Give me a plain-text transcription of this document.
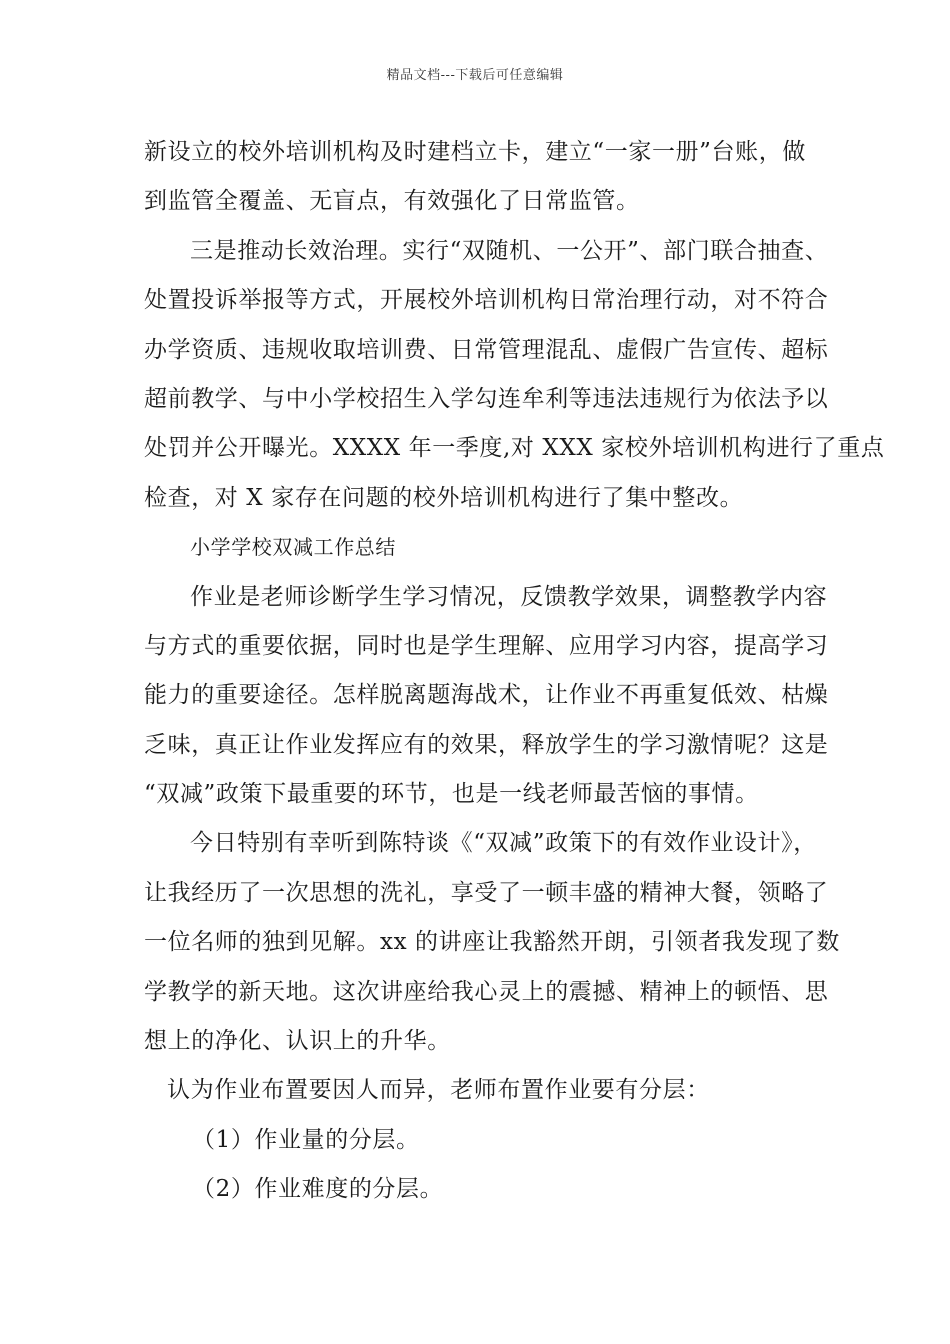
精品文档---下载后可任意编辑
新设立的校外培训机构及时建档立卡，建立“一家一册”台账，做
到监管全覆盖、无盲点，有效强化了日常监管。
三是推动长效治理。实行“双随机、一公开”、部门联合抽查、
处置投诉举报等方式，开展校外培训机构日常治理行动，对不符合
办学资质、违规收取培训费、日常管理混乱、虚假广告宣传、超标
超前教学、与中小学校招生入学勾连牟利等违法违规行为依法予以
处罚并公开曝光。XXXX 年一季度,对 XXX 家校外培训机构进行了重点
检查，对 X 家存在问题的校外培训机构进行了集中整改。
小学学校双减工作总结
作业是老师诊断学生学习情况，反馈教学效果，调整教学内容
与方式的重要依据，同时也是学生理解、应用学习内容，提高学习
能力的重要途径。怎样脱离题海战术，让作业不再重复低效、枯燥
乏味，真正让作业发挥应有的效果，释放学生的学习激情呢？这是
“双减”政策下最重要的环节，也是一线老师最苦恼的事情。
今日特别有幸听到陈特谈《“双减”政策下的有效作业设计》，
让我经历了一次思想的洗礼，享受了一顿丰盛的精神大餐，领略了
一位名师的独到见解。xx 的讲座让我豁然开朗，引领者我发现了数
学教学的新天地。这次讲座给我心灵上的震撼、精神上的顿悟、思
想上的净化、认识上的升华。
认为作业布置要因人而异，老师布置作业要有分层：
（1）作业量的分层。
（2）作业难度的分层。
